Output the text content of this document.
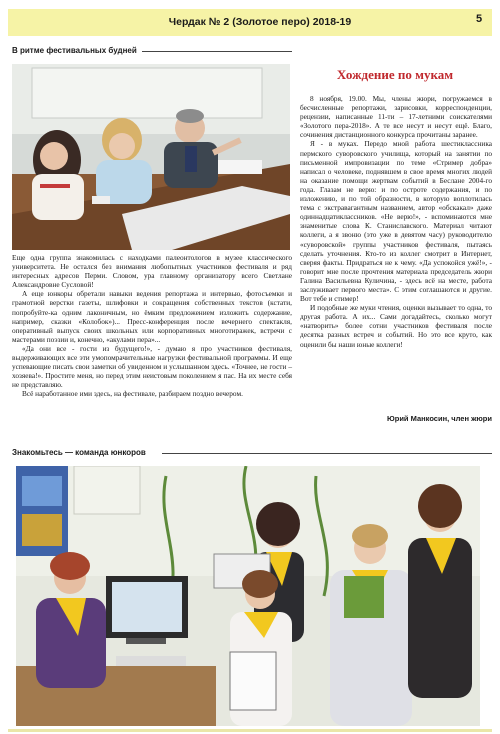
Чердак № 2 (Золотое перо) 2018-19	5
В ритме фестивальных будней

Еще одна группа знакомилась с находками палеонтологов в музее классического университета. Не остался без внимания любопытных участников фестиваля и ряд интересных адресов Перми. Словом, ура главному организатору всего Светлане Александровне Сусловой!

А еще юнкоры обретали навыки ведения репортажа и интервью, фотосъемки и грамотной верстки газеты, шлифовки и сокращения собственных текстов (кстати, попробуйте-ка одним лаконичным, но ёмким предложением изложить содержание, например, сказки «Колобок»)... Пресс-конференция после вечернего спектакля, оперативный выпуск своих школьных или корпоративных многотиражек, встречи с мастерами поэзии и, конечно, «акулами пера»...

«Да они все - гости из будущего!», - думаю я про участников фестиваля, выдерживающих все эти умопомрачительные нагрузки фестивальной программы. И еще успевающие писать свои заметки об увиденном и услышанном здесь. «Точнее, не гости – хозяева!». Простите меня, но перед этим неистовым поколением я пас. На их месте себя не представляю.

Всё наработанное ими здесь, на фестивале, разбираем поздно вечером.

Хождение по мукам

8 ноября, 19.00. Мы, члены жюри, погружаемся в бесчисленные репортажи, зарисовки, корреспонденции, рецензии, написанные 11-ти – 17-летними соискателями «Золотого пера-2018». А те все несут и несут ещё. Благо, сочинения дистанционного конкурса прочитаны заранее.

Я - в муках. Передо мной работа шестиклассника пермского суворовского училища, который на занятии по письменной импровизации по теме «Стример добра» написал о человеке, поднявшем в свое время многих людей на оказание помощи жертвам событий в Беслане 2004-го года. Глазам не верю: и по остроте содержания, и по изложению, и по той образности, в которую воплотилась тема с экстравагантным названием, автор «обскакал» даже одиннадцатиклассников. «Не верю!», - вспоминаются мне знаменитые слова К. Станиславского. Материал читают коллеги, а я звоню (это уже в девятом часу) руководителю «суворовской» группы участников фестиваля, пытаясь сделать уточнения. Кто-то из коллег смотрит в Интернет, сверяя факты. Придраться не к чему. «Да успокойся ужё!», - говорит мне после прочтения материала председатель жюри Галина Васильевна Куличина, - здесь всё на месте, работа заслуживает первого места». С этим соглашаются и другие. Вот тебе и стимер!

И подобные же муки чтения, оценки вызывает то одна, то другая работа. А их... Сами догадайтесь, сколько могут «натворить» более сотни участников фестиваля после десятка разных встреч и событий. Но это все круто, как оценили бы наши юные коллеги!

Юрий Манкосин, член жюри
Знакомьтесь — команда юнкоров
